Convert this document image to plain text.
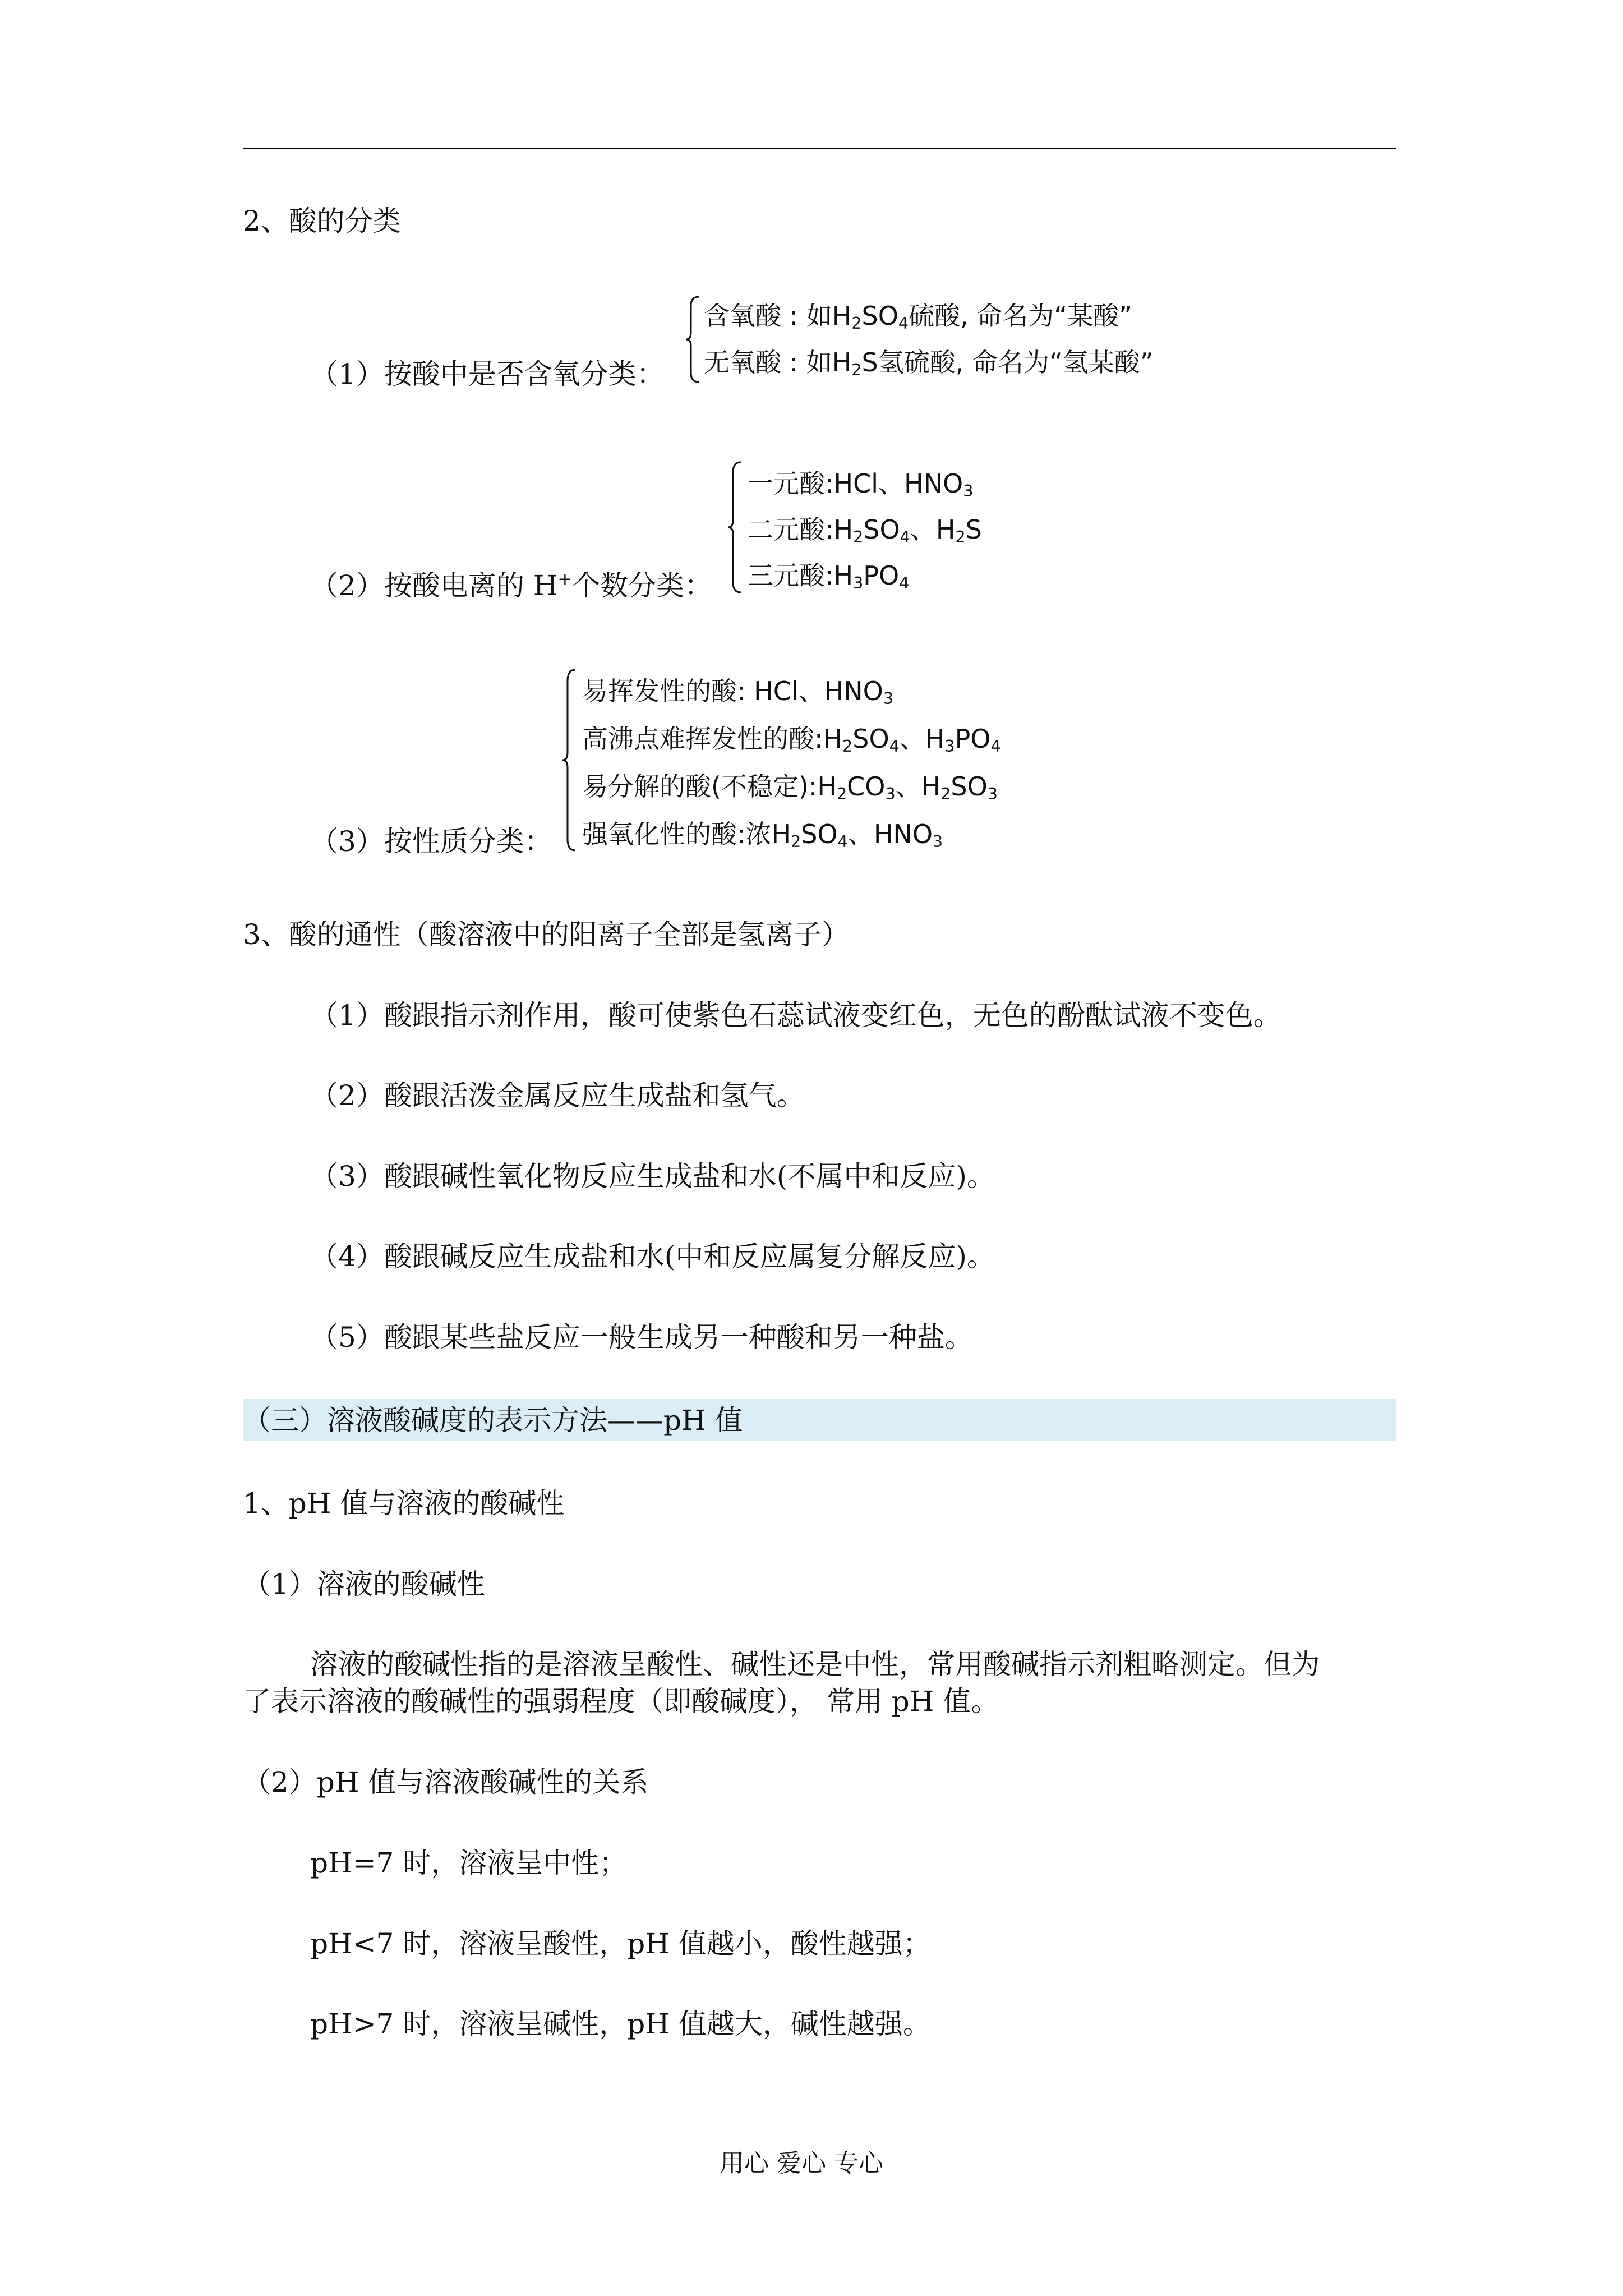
2、酸的分类
（1）按酸中是否含氧分类：
含氧酸 : 如$H_2SO_4$硫酸, 命名为“某酸”
无氧酸 : 如$H_2S$氢硫酸, 命名为“氢某酸”
（2）按酸电离的 H+个数分类：
一元酸:HCl、$HNO_3$
二元酸$:H_2SO_4$、$H_2S$
三元酸$:H_3PO_4$
（3）按性质分类：
易挥发性的酸: HCl、$HNO_3$
高沸点难挥发性的酸$:H_2SO_4$、$H_3PO_4$
易分解的酸(不稳定)$:H_2CO_3$、$H_2SO_3$
强氧化性的酸:浓$H_2SO_4$、$HNO_3$
3、酸的通性（酸溶液中的阳离子全部是氢离子）
（1）酸跟指示剂作用，酸可使紫色石蕊试液变红色，无色的酚酞试液不变色。
（2）酸跟活泼金属反应生成盐和氢气。
（3）酸跟碱性氧化物反应生成盐和水(不属中和反应)。
（4）酸跟碱反应生成盐和水(中和反应属复分解反应)。
（5）酸跟某些盐反应一般生成另一种酸和另一种盐。
（三）溶液酸碱度的表示方法——pH 值
1、pH 值与溶液的酸碱性
（1）溶液的酸碱性
溶液的酸碱性指的是溶液呈酸性、碱性还是中性，常用酸碱指示剂粗略测定。但为
了表示溶液的酸碱性的强弱程度（即酸碱度）， 常用 pH 值。
（2）pH 值与溶液酸碱性的关系
pH=7 时，溶液呈中性；
pH<7 时，溶液呈酸性，pH 值越小，酸性越强；
pH>7 时，溶液呈碱性，pH 值越大，碱性越强。
用心 爱心 专心
